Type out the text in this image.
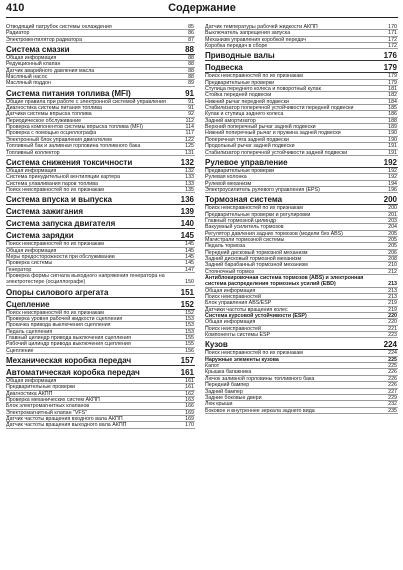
410	Содержание
Отводящий патрубок системы охлаждения	85
Радиатор	86
Электровентилятор радиатора	87
Система смазки	88
Общая информация	88
Редукционный клапан	88
Датчик аварийного давления масла	88
Масляный насос	88
Масляный поддон	89
Система питания топлива (MFI)	91
Общие правила при работе с электронной системой управления	91
Диагностика системы питания топлива	91
Датчики системы впрыска топлива	92
Периодическое обслуживание	112
Проверка компонентов системы впрыска топлива (MFI)	114
Проверка с помощью осциллографа	117
Электронный блок управления двигателем	122
Топливный бак и заливная горловина топливного бака	125
Топливный коллектор	131
Система снижения токсичности	132
Общая информация	132
Система принудительной вентиляции картера	133
Система улавливания паров топлива	133
Поиск неисправностей по их признакам	135
Система впуска и выпуска	136
Система зажигания	139
Система запуска двигателя	140
Система зарядки	145
Поиск неисправностей по их признакам	145
Общая информация	145
Меры предосторожности при обслуживании	145
Проверка системы	145
Генератор	147
Проверка формы сигнала выходного напряжения генератора на электротестере (осциллографе)	150
Опоры силового агрегата	151
Сцепление	152
Поиск неисправностей по их признакам	152
Проверка уровня рабочей жидкости сцепления	153
Прокачка привода выключения сцепления	153
Педаль сцепления	153
Главный цилиндр привода выключения сцепления	155
Рабочий цилиндр привода выключения сцепления	155
Сцепление	156
Механическая коробка передач	157
Автоматическая коробка передач	161
Общая информация	161
Предварительные проверки	161
Диагностика АКПП	162
Проверка механических систем АКПП	163
Блок электромагнитных клапанов	166
Электромагнитный клапан "VFS"	169
Датчик частоты вращения входного вала АКПП	169
Датчик частоты вращения выходного вала АКПП	170
Датчик температуры рабочей жидкости АКПП	170
Выключатель запрещения запуска	171
Механизм управления коробкой передач	172
Коробка передач в сборе	172
Приводные валы	176
Подвеска	179
Поиск неисправностей по их признакам	179
Предварительные проверки	179
Ступица переднего колеса и поворотный кулак	181
Стойка передней подвески	182
Нижний рычаг передней подвески	184
Стабилизатор поперечной устойчивости передней подвески	185
Кулак и ступица заднего колеса	186
Задний амортизатор	188
Верхний поперечный рычаг задней подвески	189
Нижний поперечный рычаг и пружина задней подвески	190
Поперечная тяга задней подвески	190
Продольный рычаг задней подвески	191
Стабилизатор поперечной устойчивости задней подвески	191
Рулевое управление	192
Предварительные проверки	192
Рулевая колонка	192
Рулевой механизм	194
Электроусилитель рулевого управления (EPS)	196
Тормозная система	200
Поиск неисправностей по их признакам	200
Предварительные проверки и регулировки	201
Главный тормозной цилиндр	203
Вакуумный усилитель тормозов	204
Регулятор давления задних тормозов (модели без ABS)	205
Магистрали тормозной системы	205
Педаль тормоза	205
Передний дисковый тормозной механизм	206
Задний дисковый тормозной механизм	208
Задний барабанный тормозной механизм	210
Стояночный тормоз	212
Антиблокировочная система тормозов (ABS) и электронная система распределения тормозных усилий (EBD)	213
Общая информация	213
Поиск неисправностей	213
Блок управления ABS/ESP	219
Датчики частоты вращения колес	219
Система курсовой устойчивости (ESP)	220
Общая информация	220
Поиск неисправностей	221
Компоненты системы ESP	223
Кузов	224
Поиск неисправностей по их признакам	224
Наружные элементы кузова	225
Капот	225
Крышка багажника	226
Лючок заливной горловины топливного бака	226
Передний бампер	226
Задний бампер	227
Задние боковые двери	229
Люк крыши	232
Боковое и внутреннее зеркала заднего вида	235
